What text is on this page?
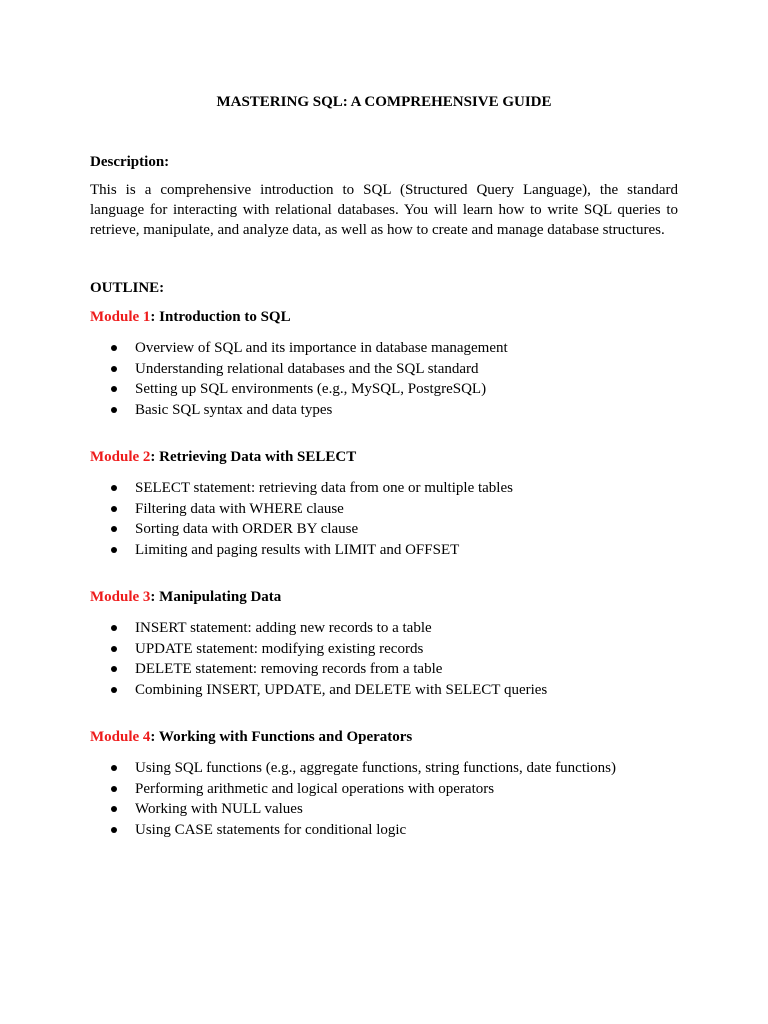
MASTERING SQL: A COMPREHENSIVE GUIDE

Description:

This is a comprehensive introduction to SQL (Structured Query Language), the standard language for interacting with relational databases. You will learn how to write SQL queries to retrieve, manipulate, and analyze data, as well as how to create and manage database structures.

OUTLINE:

Module 1: Introduction to SQL

Overview of SQL and its importance in database management
Understanding relational databases and the SQL standard
Setting up SQL environments (e.g., MySQL, PostgreSQL)
Basic SQL syntax and data types

Module 2: Retrieving Data with SELECT

SELECT statement: retrieving data from one or multiple tables
Filtering data with WHERE clause
Sorting data with ORDER BY clause
Limiting and paging results with LIMIT and OFFSET

Module 3: Manipulating Data

INSERT statement: adding new records to a table
UPDATE statement: modifying existing records
DELETE statement: removing records from a table
Combining INSERT, UPDATE, and DELETE with SELECT queries

Module 4: Working with Functions and Operators

Using SQL functions (e.g., aggregate functions, string functions, date functions)
Performing arithmetic and logical operations with operators
Working with NULL values
Using CASE statements for conditional logic
